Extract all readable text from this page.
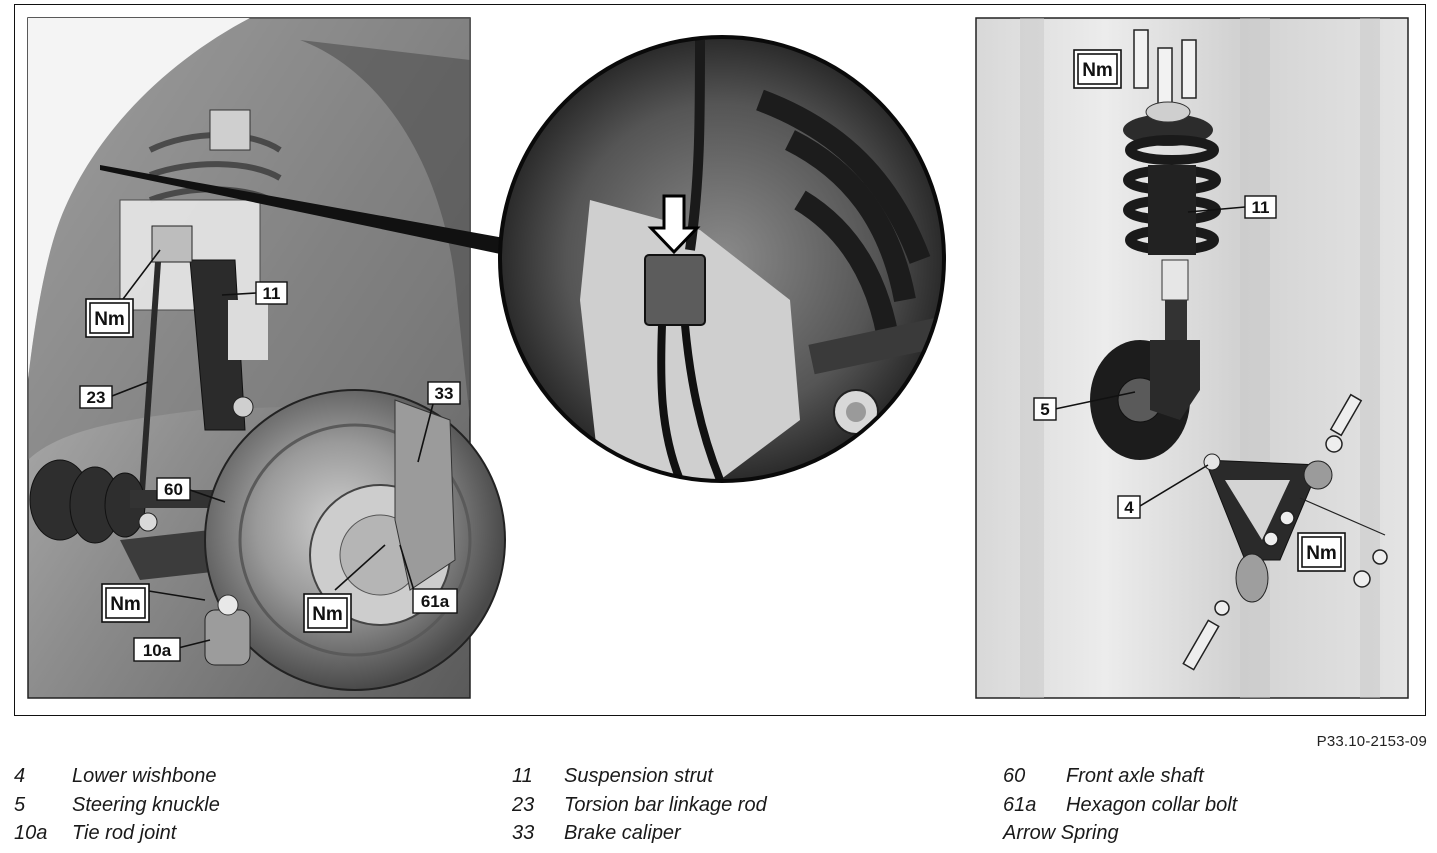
11
23	33
60
61a
10a
11
5
4
Nm
Nm	Nm
Nm
Nm
P33.10-2153-09
4 Lower wishbone
5 Steering knuckle
10a Tie rod joint
11 Suspension strut
23 Torsion bar linkage rod
33 Brake caliper
60 Front axle shaft
61a Hexagon collar bolt
Arrow Spring
